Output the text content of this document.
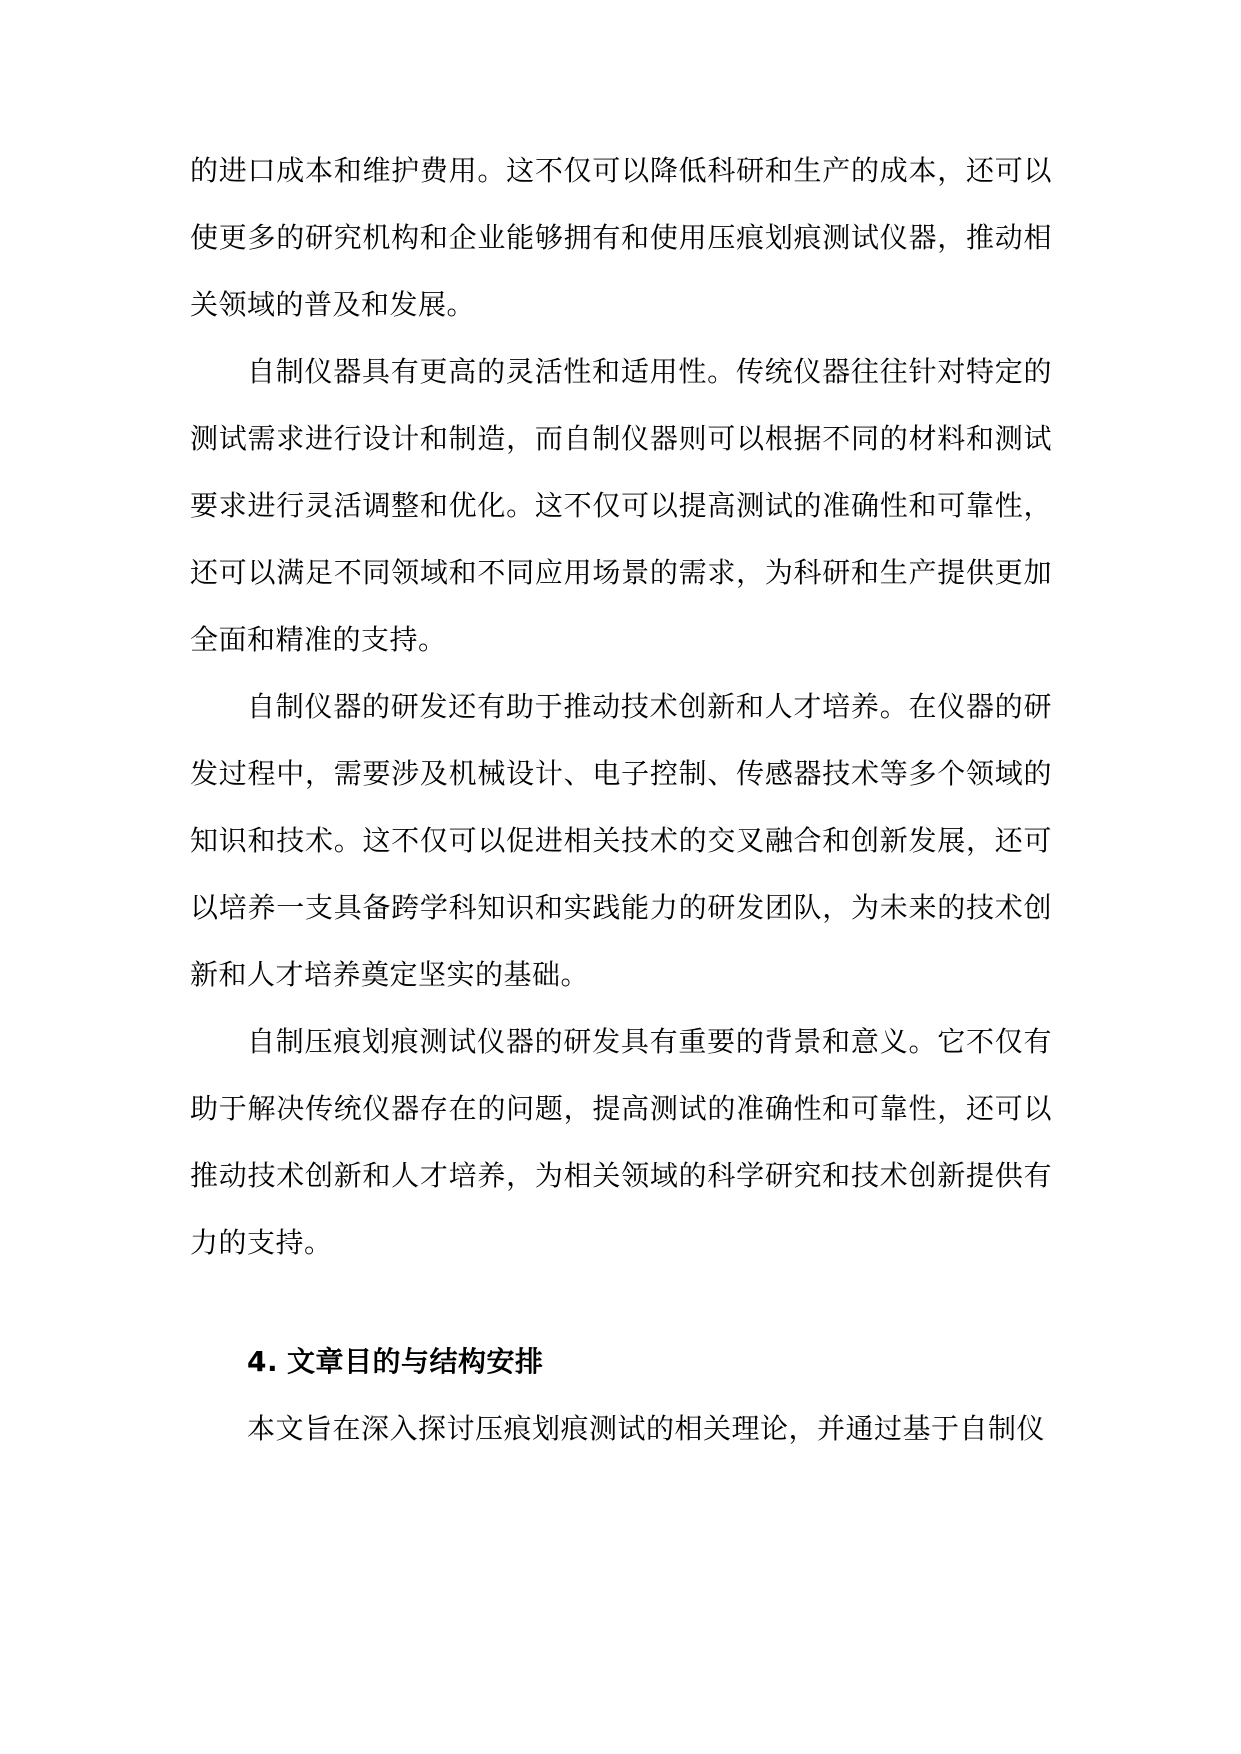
的进口成本和维护费用。这不仅可以降低科研和生产的成本，还可以使更多的研究机构和企业能够拥有和使用压痕划痕测试仪器，推动相关领域的普及和发展。

自制仪器具有更高的灵活性和适用性。传统仪器往往针对特定的测试需求进行设计和制造，而自制仪器则可以根据不同的材料和测试要求进行灵活调整和优化。这不仅可以提高测试的准确性和可靠性，还可以满足不同领域和不同应用场景的需求，为科研和生产提供更加全面和精准的支持。

自制仪器的研发还有助于推动技术创新和人才培养。在仪器的研发过程中，需要涉及机械设计、电子控制、传感器技术等多个领域的知识和技术。这不仅可以促进相关技术的交叉融合和创新发展，还可以培养一支具备跨学科知识和实践能力的研发团队，为未来的技术创新和人才培养奠定坚实的基础。

自制压痕划痕测试仪器的研发具有重要的背景和意义。它不仅有助于解决传统仪器存在的问题，提高测试的准确性和可靠性，还可以推动技术创新和人才培养，为相关领域的科学研究和技术创新提供有力的支持。

4. 文章目的与结构安排

本文旨在深入探讨压痕划痕测试的相关理论，并通过基于自制仪
